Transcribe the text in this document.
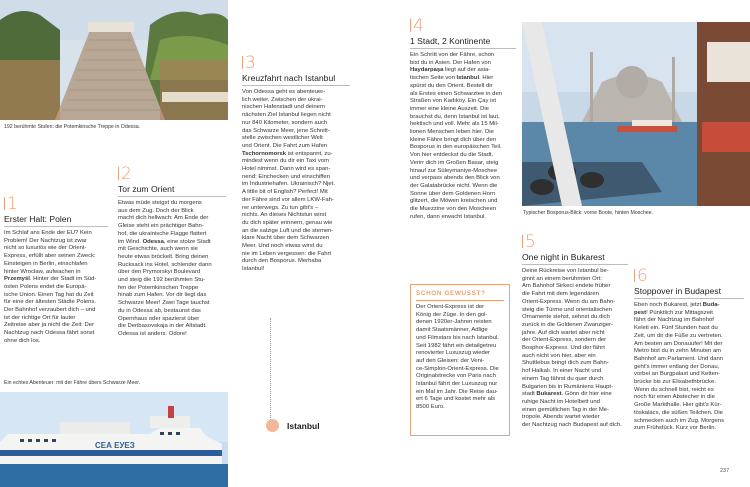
192 berühmte Stufen: die Potemkinsche Treppe in Odessa.
1
Erster Halt: Polen
Im Schlaf ans Ende der EU? Kein
Problem! Der Nachtzug ist zwar
nicht so luxuriös wie der Orient-
Express, erfüllt aber seinen Zweck:
Einsteigen in Berlin, einschlafen
hinter Wrocław, aufwachen in
Przemyśl. Hinter der Stadt im Süd-
osten Polens endet die Europä-
ische Union. Einen Tag hat du Zeit
für eine der ältesten Städte Polens.
Der Bahnhof verzaubert dich – und
ist der richtige Ort für lauter
Zeitreise aber ja nicht die Zeit: Der
Nachtzug nach Odessa fährt sonst
ohne dich los.
2
Tor zum Orient
Etwas müde steigst du morgens
aus dem Zug. Doch der Blick
macht dich hellwach: Am Ende der
Gleise steht ein prächtiger Bahn-
hof, die ukrainische Flagge flattert
im Wind. Odessa, eine stolze Stadt
mit Geschichte, auch wenn sie
heute etwas bröckelt. Bring deinen
Rucksack ins Hotel, schlender dann
über den Prymorskyi Boulevard
und steig die 192 berühmten Stu-
fen der Potemkinschen Treppe
hinab zum Hafen. Vor dir liegt das
Schwarze Meer! Zwei Tage tauchst
du in Odessa ab, bestaunst das
Opernhaus oder spazierst über
die Deribasovskaja in der Altstadt.
Odessa ist anders. Odore!
Ein echtes Abenteuer: mit der Fähre übers Schwarze Meer.
СЕА ЕУЕЗ
3
Kreuzfahrt nach Istanbul
Von Odessa geht es abenteuer-
lich weiter. Zwischen der ukrai-
nischen Hafenstadt und deinem
nächsten Ziel Istanbul liegen nicht
nur 840 Kilometer, sondern auch
das Schwarze Meer, jene Schnitt-
stelle zwischen westlicher Welt
und Orient. Die Fahrt zum Hafen
Tschornomorsk ist entspannt, zu-
mindest wenn du dir ein Taxi vom
Hotel nimmst. Dann wird es span-
nend: Einchecken und einschiffen
im Industriehafen. Ukrainisch? Njet.
A little bit of English? Perfect! Mit
der Fähre sind vor allem LKW-Fah-
rer unterwegs. Zu tun gibt's –
nichts. An dieses Nichtstun wirst
du dich später erinnern, genau wie
an die salzige Luft und die stemen-
klare Nacht über dem Schwarzen
Meer. Und noch etwas wirst du
nie im Leben vergessen: die Fahrt
durch den Bosporus. Merhaba
Istanbul!
Istanbul
SCHON GEWUSST?
Der Orient-Express ist der
König der Züge. In den gol-
denen 1920er-Jahren reisten
damit Staatsmänner, Adlige
und Filmstars bis nach Istanbul.
Seit 1982 fährt ein detailgetreu
renovierter Luxuszug wieder
auf den Gleisen: der Veni-
ce-Simplon-Orient-Express. Die
Originalstrecke von Paris nach
Istanbul fährt der Luxuszug nur
ein Mal im Jahr. Die Reise dau-
ert 6 Tage und kostet mehr als
8500 Euro.
4
1 Stadt, 2 Kontinente
Ein Schritt von der Fähre, schon
bist du in Asien. Der Hafen von
Haydarpaşa liegt auf der asia-
tischen Seite von Istanbul. Hier
spürst du den Orient. Bestell dir
als Erstes einen Schwarztee in den
Straßen von Kadıköy. Ein Çay ist
immer eine kleine Auszeit. Die
brauchst du, denn Istanbul ist laut,
hektisch und voll. Mehr als 15 Mil-
lionen Menschen leben hier. Die
kleine Fähre bringt dich über den
Bosporus in den europäischen Teil.
Von hier entdeckst du die Stadt.
Verirr dich im Großen Basar, steig
hinauf zur Süleymaniye-Moschee
und verpass abends den Blick von
der Galatabrücke nicht. Wenn die
Sonne über dem Goldenen Horn
glitzert, die Möwen kreischen und
die Muezzine von den Moscheen
rufen, dann erwacht Istanbul.
Typischer Bosporus-Blick: vorne Boote, hinten Moschee.
5
One night in Bukarest
Deine Rückreise von Istanbul be-
ginnt an einem berühmten Ort:
Am Bahnhof Sirkeci endete früher
die Fahrt mit dem legendären
Orient-Express. Wenn du am Bahn-
steig die Türme und orientalischen
Ornamente siehst, sehnst du dich
zurück in die Goldenen Zwanziger-
jahre. Auf dich wartet aber nicht
der Orient-Express, sondern der
Bosphor-Express. Und der fährt
auch nicht von hier, aber ein
Shuttlebus bringt dich zum Bahn-
hof Halkalı. In einer Nacht und
einem Tag fährst du quer durch
Bulgarien bis in Rumäniens Haupt-
stadt Bukarest. Gönn dir hier eine
ruhige Nacht im Hotelbett und
einen gemütlichen Tag in der Me-
tropole. Abends wartet wieder
der Nachtzug nach Budapest auf dich.
6
Stoppover in Budapest
Eben noch Bukarest, jetzt Buda-
pest! Pünktlich zur Mittagszeit
fährt der Nachtzug im Bahnhof
Keleti ein. Fünf Stunden hast du
Zeit, um dir die Füße zu vertreten.
Am besten am Donauufer! Mit der
Metro bist du in zehn Minuten am
Bahnhof am Parlament. Und dann
geht's immer entlang der Donau,
vorbei an Burgpalast und Ketten-
brücke bis zur Elisabethbrücke.
Wenn du schnell bist, reicht es
noch für einen Abstecher in die
Große Markthalle. Hier gibt's Kür-
töskalács, die süßen Teilchen. Die
schmecken auch im Zug. Morgens
zum Frühstück. Kurz vor Berlin.
237
